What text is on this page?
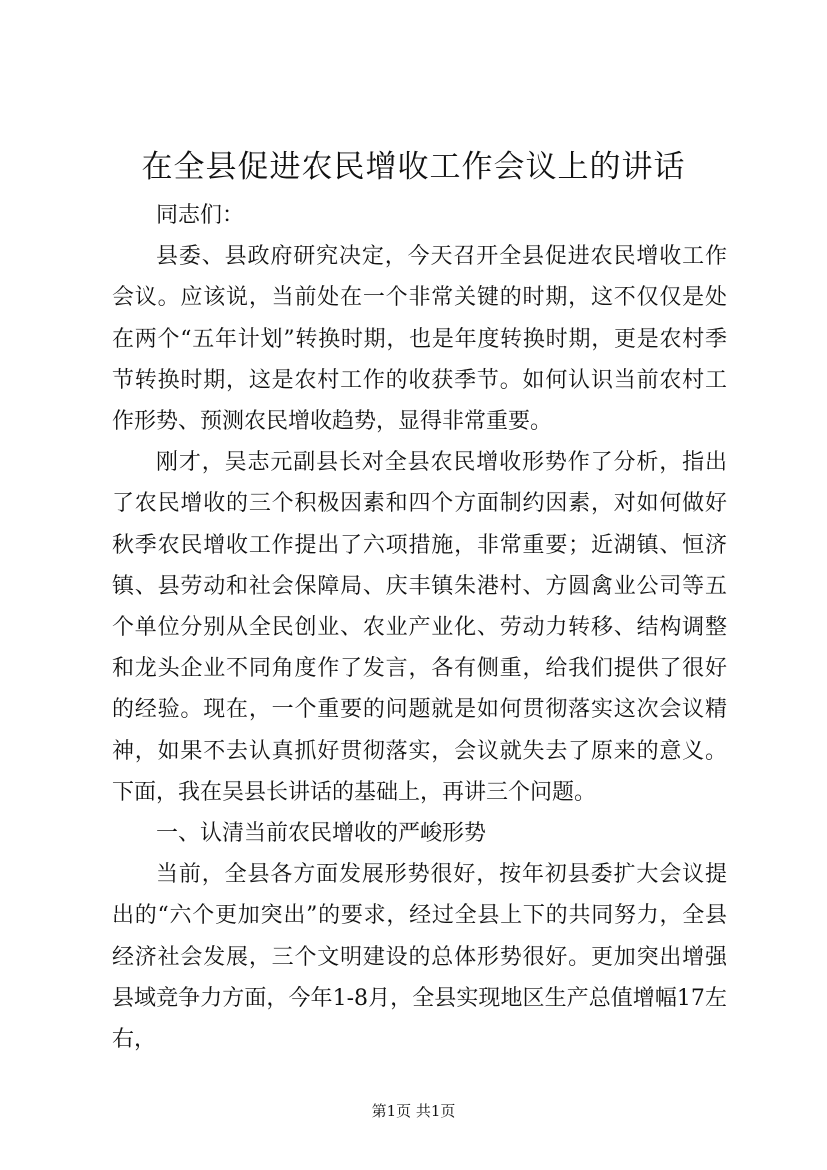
在全县促进农民增收工作会议上的讲话

同志们：

县委、县政府研究决定，今天召开全县促进农民增收工作会议。应该说，当前处在一个非常关键的时期，这不仅仅是处在两个“五年计划”转换时期，也是年度转换时期，更是农村季节转换时期，这是农村工作的收获季节。如何认识当前农村工作形势、预测农民增收趋势，显得非常重要。

刚才，吴志元副县长对全县农民增收形势作了分析，指出了农民增收的三个积极因素和四个方面制约因素，对如何做好秋季农民增收工作提出了六项措施，非常重要；近湖镇、恒济镇、县劳动和社会保障局、庆丰镇朱港村、方圆禽业公司等五个单位分别从全民创业、农业产业化、劳动力转移、结构调整和龙头企业不同角度作了发言，各有侧重，给我们提供了很好的经验。现在，一个重要的问题就是如何贯彻落实这次会议精神，如果不去认真抓好贯彻落实，会议就失去了原来的意义。下面，我在吴县长讲话的基础上，再讲三个问题。

一、认清当前农民增收的严峻形势

当前，全县各方面发展形势很好，按年初县委扩大会议提出的“六个更加突出”的要求，经过全县上下的共同努力，全县经济社会发展，三个文明建设的总体形势很好。更加突出增强县域竞争力方面，今年1-8月，全县实现地区生产总值增幅17左右，

第1页 共1页
